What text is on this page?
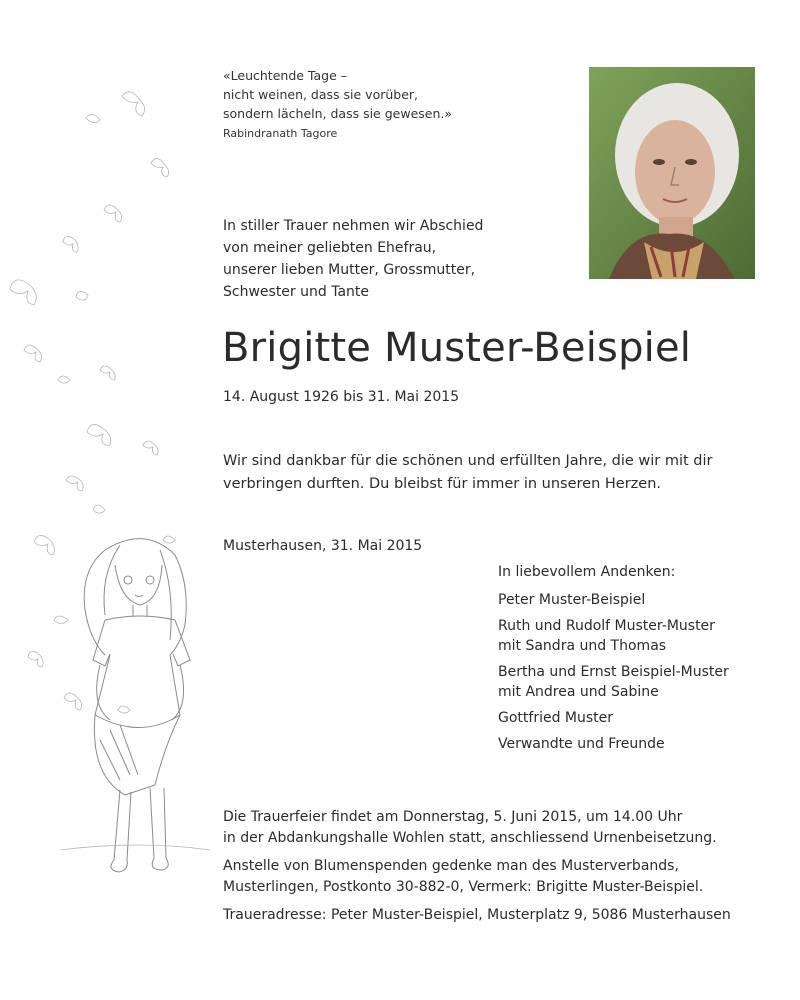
«Leuchtende Tage –
nicht weinen, dass sie vorüber,
sondern lächeln, dass sie gewesen.»
Rabindranath Tagore
In stiller Trauer nehmen wir Abschied
von meiner geliebten Ehefrau,
unserer lieben Mutter, Grossmutter,
Schwester und Tante
Brigitte Muster-Beispiel
14. August 1926 bis 31. Mai 2015
Wir sind dankbar für die schönen und erfüllten Jahre, die wir mit dir
verbringen durften. Du bleibst für immer in unseren Herzen.
Musterhausen, 31. Mai 2015
In liebevollem Andenken:
Peter Muster-Beispiel
Ruth und Rudolf Muster-Muster
mit Sandra und Thomas
Bertha und Ernst Beispiel-Muster
mit Andrea und Sabine
Gottfried Muster
Verwandte und Freunde
Die Trauerfeier findet am Donnerstag, 5. Juni 2015, um 14.00 Uhr
in der Abdankungshalle Wohlen statt, anschliessend Urnenbeisetzung.
Anstelle von Blumenspenden gedenke man des Musterverbands,
Musterlingen, Postkonto 30-882-0, Vermerk: Brigitte Muster-Beispiel.
Traueradresse: Peter Muster-Beispiel, Musterplatz 9, 5086 Musterhausen
